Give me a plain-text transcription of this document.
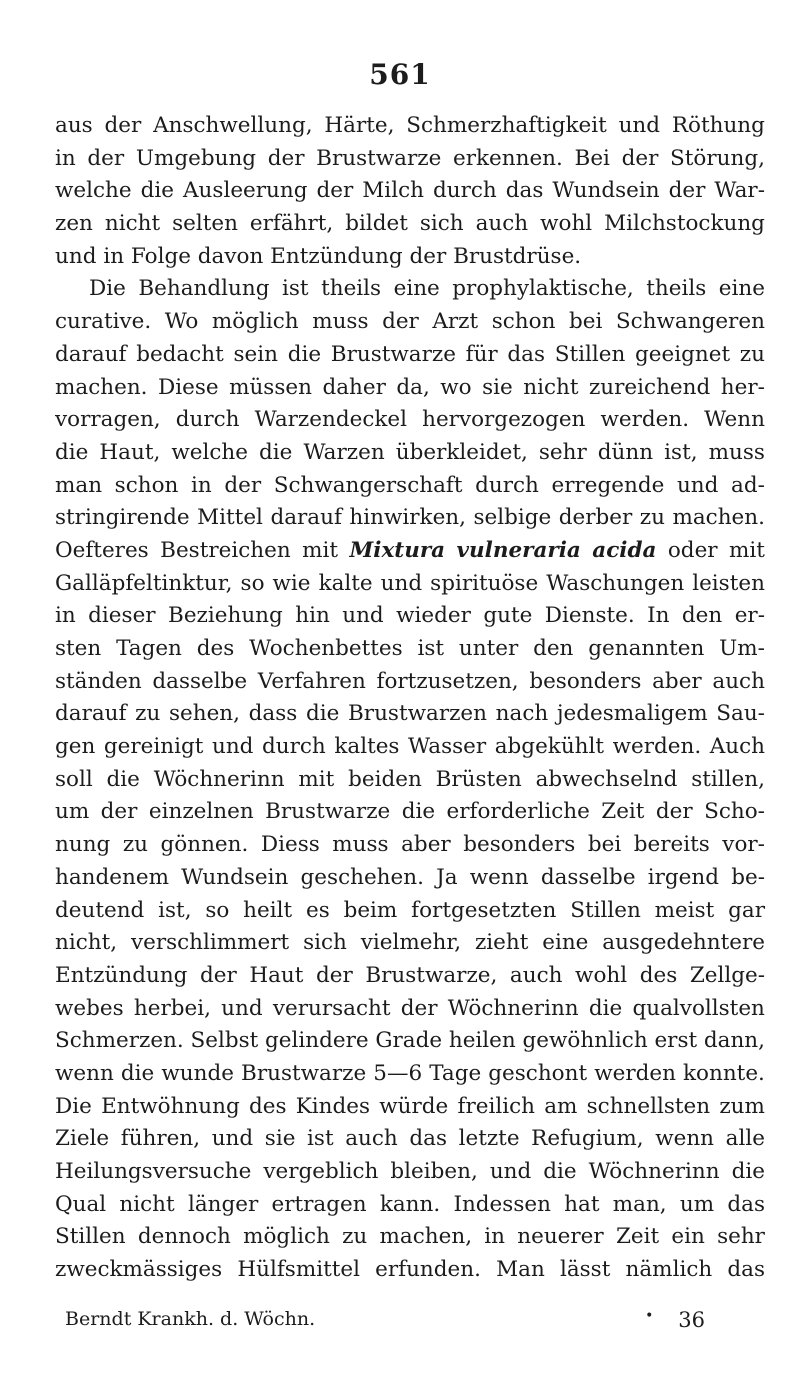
561
aus der Anschwellung, Härte, Schmerzhaftigkeit und Röthung
in der Umgebung der Brustwarze erkennen. Bei der Störung,
welche die Ausleerung der Milch durch das Wundsein der War-
zen nicht selten erfährt, bildet sich auch wohl Milchstockung
und
in
Folge
davon
Entzündung
der
Brustdrüse.
Die Behandlung ist theils eine prophylaktische, theils eine
curative. Wo möglich muss der Arzt schon bei Schwangeren
darauf bedacht sein die Brustwarze für das Stillen geeignet zu
machen. Diese müssen daher da, wo sie nicht zureichend her-
vorragen, durch Warzendeckel hervorgezogen werden. Wenn
die Haut, welche die Warzen überkleidet, sehr dünn ist, muss
man schon in der Schwangerschaft durch erregende und ad-
stringirende Mittel darauf hinwirken, selbige derber zu machen.
Oefteres Bestreichen mit Mixtura vulneraria acida oder mit
Galläpfeltinktur, so wie kalte und spirituöse Waschungen leisten
in dieser Beziehung hin und wieder gute Dienste. In den er-
sten Tagen des Wochenbettes ist unter den genannten Um-
ständen dasselbe Verfahren fortzusetzen, besonders aber auch
darauf zu sehen, dass die Brustwarzen nach jedesmaligem Sau-
gen gereinigt und durch kaltes Wasser abgekühlt werden. Auch
soll die Wöchnerinn mit beiden Brüsten abwechselnd stillen,
um der einzelnen Brustwarze die erforderliche Zeit der Scho-
nung zu gönnen. Diess muss aber besonders bei bereits vor-
handenem Wundsein geschehen. Ja wenn dasselbe irgend be-
deutend ist, so heilt es beim fortgesetzten Stillen meist gar
nicht, verschlimmert sich vielmehr, zieht eine ausgedehntere
Entzündung der Haut der Brustwarze, auch wohl des Zellge-
webes herbei, und verursacht der Wöchnerinn die qualvollsten
Schmerzen. Selbst gelindere Grade heilen gewöhnlich erst dann,
wenn die wunde Brustwarze 5—6 Tage geschont werden konnte.
Die Entwöhnung des Kindes würde freilich am schnellsten zum
Ziele führen, und sie ist auch das letzte Refugium, wenn alle
Heilungsversuche vergeblich bleiben, und die Wöchnerinn die
Qual nicht länger ertragen kann. Indessen hat man, um das
Stillen dennoch möglich zu machen, in neuerer Zeit ein sehr
zweckmässiges Hülfsmittel erfunden. Man lässt nämlich das
Berndt Krankh. d. Wöchn.	• 36
